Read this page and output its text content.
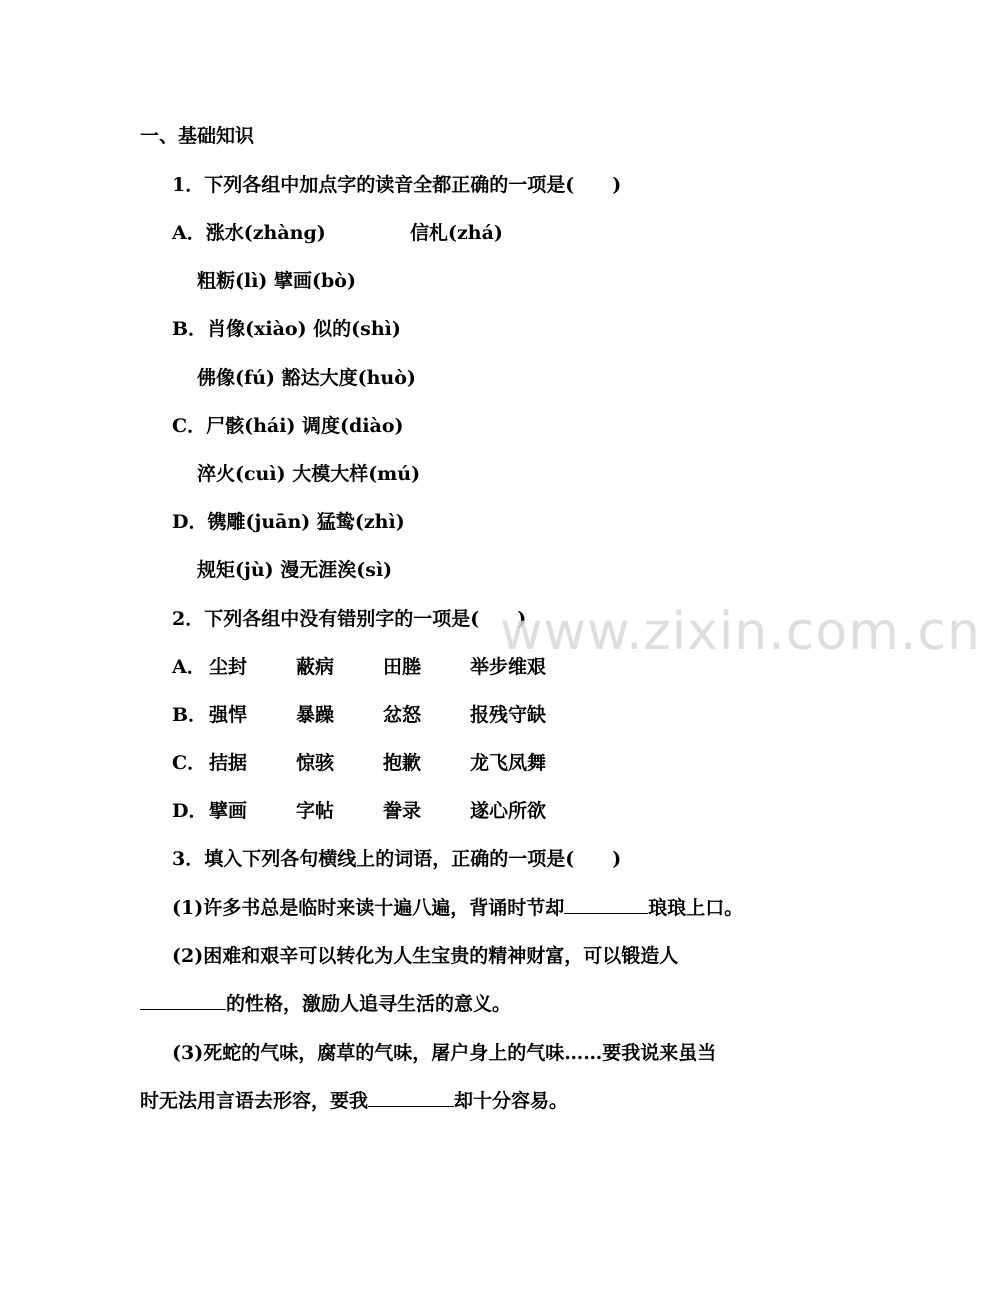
一、基础知识
1．下列各组中加点字的读音全都正确的一项是(　　)
A．涨水(zhànɡ)	信札(zhá)
粗粝(lì) 擘画(bò)
B．肖像(xiào) 似的(shì)
佛像(fú) 豁达大度(huò)
C．尸骸(hái) 调度(diào)
淬火(cuì) 大模大样(mú)
D．镌雕(juān) 猛鸷(zhì)
规矩(jù) 漫无涯涘(sì)
2．下列各组中没有错别字的一项是(　　)
A． 尘封	蔽病	田塍	举步维艰
B． 强悍	暴躁	忿怒	报残守缺
C． 拮据	惊骇	抱歉	龙飞凤舞
D． 擘画	字帖	誊录	遂心所欲
3．填入下列各句横线上的词语，正确的一项是(　　)
(1)许多书总是临时来读十遍八遍，背诵时节却	琅琅上口。
(2)困难和艰辛可以转化为人生宝贵的精神财富，可以锻造人
的性格，激励人追寻生活的意义。
(3)死蛇的气味，腐草的气味，屠户身上的气味……要我说来虽当
时无法用言语去形容，要我	却十分容易。
www.zixin.com.cn
